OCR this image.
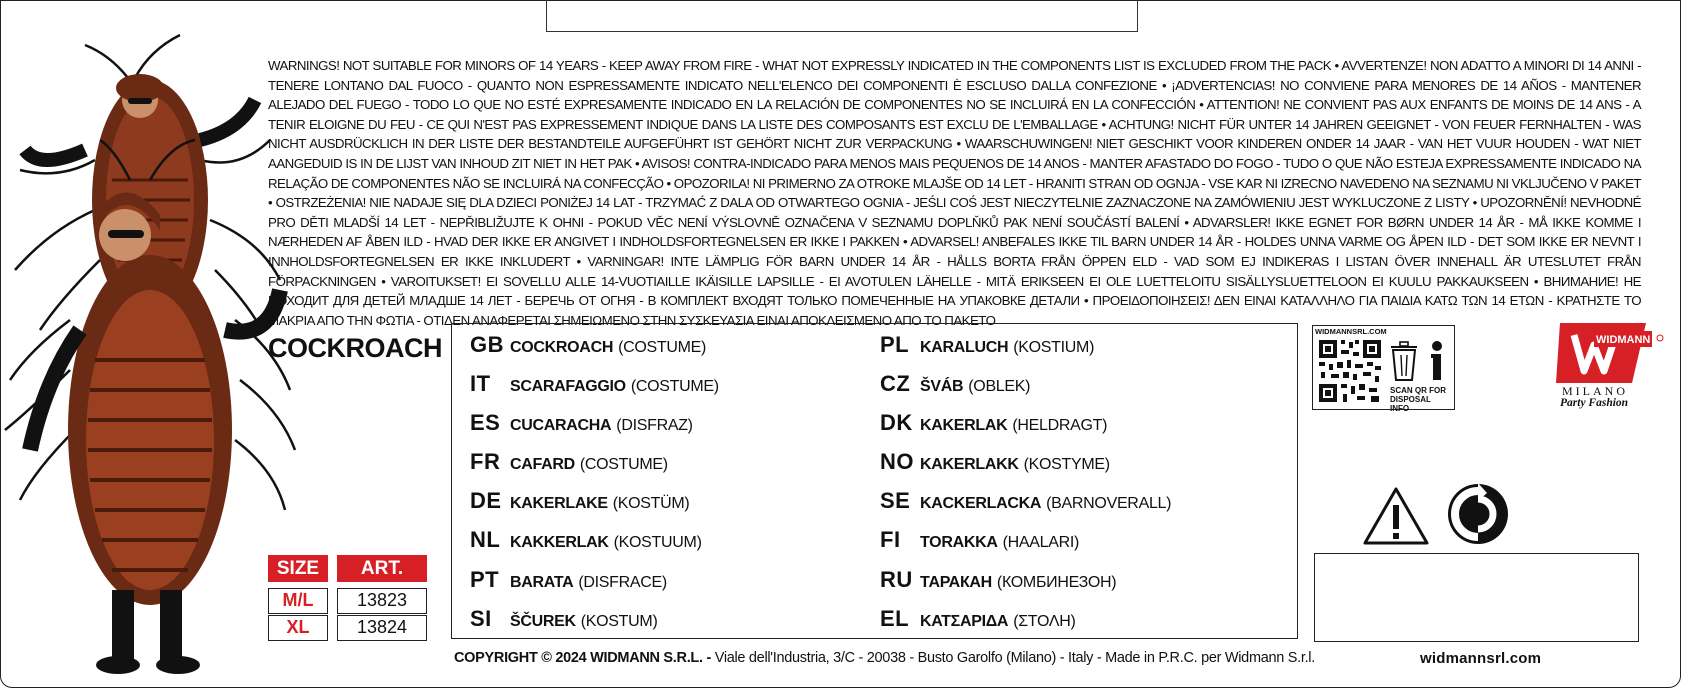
WARNINGS! NOT SUITABLE FOR MINORS OF 14 YEARS - KEEP AWAY FROM FIRE - WHAT NOT EXPRESSLY INDICATED IN THE COMPONENTS LIST IS EXCLUDED FROM THE PACK • AVVERTENZE! NON ADATTO A MINORI DI 14 ANNI - TENERE LONTANO DAL FUOCO - QUANTO NON ESPRESSAMENTE INDICATO NELL'ELENCO DEI COMPONENTI È ESCLUSO DALLA CONFEZIONE • ¡ADVERTENCIAS! NO CONVIENE PARA MENORES DE 14 AÑOS - MANTENER ALEJADO DEL FUEGO - TODO LO QUE NO ESTÉ EXPRESAMENTE INDICADO EN LA RELACIÓN DE COMPONENTES NO SE INCLUIRÁ EN LA CONFECCIÓN • ATTENTION! NE CONVIENT PAS AUX ENFANTS DE MOINS DE 14 ANS - A TENIR ELOIGNE DU FEU - CE QUI N'EST PAS EXPRESSEMENT INDIQUE DANS LA LISTE DES COMPOSANTS EST EXCLU DE L'EMBALLAGE • ACHTUNG! NICHT FÜR UNTER 14 JAHREN GEEIGNET - VON FEUER FERNHALTEN - WAS NICHT AUSDRÜCKLICH IN DER LISTE DER BESTANDTEILE AUFGEFÜHRT IST GEHÖRT NICHT ZUR VERPACKUNG • WAARSCHUWINGEN! NIET GESCHIKT VOOR KINDEREN ONDER 14 JAAR - VAN HET VUUR HOUDEN - WAT NIET AANGEDUID IS IN DE LIJST VAN INHOUD ZIT NIET IN HET PAK • AVISOS! CONTRA-INDICADO PARA MENOS MAIS PEQUENOS DE 14 ANOS - MANTER AFASTADO DO FOGO - TUDO O QUE NÃO ESTEJA EXPRESSAMENTE INDICADO NA RELAÇÃO DE COMPONENTES NÃO SE INCLUIRÁ NA CONFECÇÃO • OPOZORILA! NI PRIMERNO ZA OTROKE MLAJŠE OD 14 LET - HRANITI STRAN OD OGNJA - VSE KAR NI IZRECNO NAVEDENO NA SEZNAMU NI VKLJUČENO V PAKET • OSTRZEŻENIA! NIE NADAJE SIĘ DLA DZIECI PONIŻEJ 14 LAT - TRZYMAĆ Z DALA OD OTWARTEGO OGNIA - JEŚLI COŚ JEST NIECZYTELNIE ZAZNACZONE NA ZAMÓWIENIU JEST WYKLUCZONE Z LISTY • UPOZORNĚNÍ! NEVHODNÉ PRO DĚTI MLADŠÍ 14 LET - NEPŘIBLIŽUJTE K OHNI - POKUD VĚC NENÍ VÝSLOVNĚ OZNAČENA V SEZNAMU DOPLŇKŮ PAK NENÍ SOUČÁSTÍ BALENÍ • ADVARSLER! IKKE EGNET FOR BØRN UNDER 14 ÅR - MÅ IKKE KOMME I NÆRHEDEN AF ÅBEN ILD - HVAD DER IKKE ER ANGIVET I INDHOLDSFORTEGNELSEN ER IKKE I PAKKEN • ADVARSEL! ANBEFALES IKKE TIL BARN UNDER 14 ÅR - HOLDES UNNA VARME OG ÅPEN ILD - DET SOM IKKE ER NEVNT I INNHOLDSFORTEGNELSEN ER IKKE INKLUDERT • VARNINGAR! INTE LÄMPLIG FÖR BARN UNDER 14 ÅR - HÅLLS BORTA FRÅN ÖPPEN ELD - VAD SOM EJ INDIKERAS I LISTAN ÖVER INNEHALL ÄR UTESLUTET FRÅN FÖRPACKNINGEN • VAROITUKSET! EI SOVELLU ALLE 14-VUOTIAILLE IKÄISILLE LAPSILLE - EI AVOTULEN LÄHELLE - MITÄ ERIKSEEN EI OLE LUETTELOITU SISÄLLYSLUETTELOON EI KUULU PAKKAUKSEEN • ВНИМАНИЕ! НЕ ПОХОДИТ ДЛЯ ДЕТЕЙ МЛАДШЕ 14 ЛЕТ - БЕРЕЧЬ ОТ ОГНЯ - В КОМПЛЕКТ ВХОДЯТ ТОЛЬКО ПОМЕЧЕННЫЕ НА УПАКОВКЕ ДЕТАЛИ • ΠΡΟΕΙΔΟΠΟΙΗΣΕΙΣ! ΔΕΝ ΕΙΝΑΙ ΚΑΤΑΛΛΗΛΟ ΓΙΑ ΠΑΙΔΙΑ ΚΑΤΩ ΤΩΝ 14 ΕΤΩΝ - ΚΡΑΤΗΣΤΕ ΤΟ ΜΑΚΡΙΑ ΑΠΟ ΤΗΝ ΦΩΤΙΑ - ΟΤΙΔΕΝ ΑΝΑΦΕΡΕΤΑΙ ΣΗΜΕΙΩΜΕΝΟ ΣΤΗΝ ΣΥΣΚΕΥΑΣΙΑ ΕΙΝΑΙ ΑΠΟΚΛΕΙΣΜΕΝΟ ΑΠΟ ΤΟ ΠΑΚΕΤΟ

COCKROACH GB COCKROACH (COSTUME)
IT	SCARAFAGGIO (COSTUME)
ES CUCARACHA (DISFRAZ)
FR CAFARD (COSTUME)
DE KAKERLAKE (KOSTÜM)
NL KAKKERLAK (KOSTUUM)
PT BARATA (DISFRACE)
SI	ŠČUREK (KOSTUM)
PL KARALUCH (KOSTIUM)
CZ ŠVÁB (OBLEK)
DK KAKERLAK (HELDRAGT)
NO KAKERLAKK (KOSTYME)
SE KACKERLACKA (BARNOVERALL)
FI	TORAKKA (HAALARI)
RU ТАРАКАН (КОМБИНЕЗОН)
EL ΚΑΤΣΑΡΙΔΑ (ΣΤΟΛΗ)
SIZE	ART.
M/L	13823
XL	13824
WIDMANNSRL.COM
SCAN QR FOR DISPOSAL INFO
WIDMANN
MILANO
Party Fashion
COPYRIGHT © 2024 WIDMANN S.R.L. - Viale dell'Industria, 3/C - 20038 - Busto Garolfo (Milano) - Italy - Made in P.R.C. per Widmann S.r.l.	widmannsrl.com
